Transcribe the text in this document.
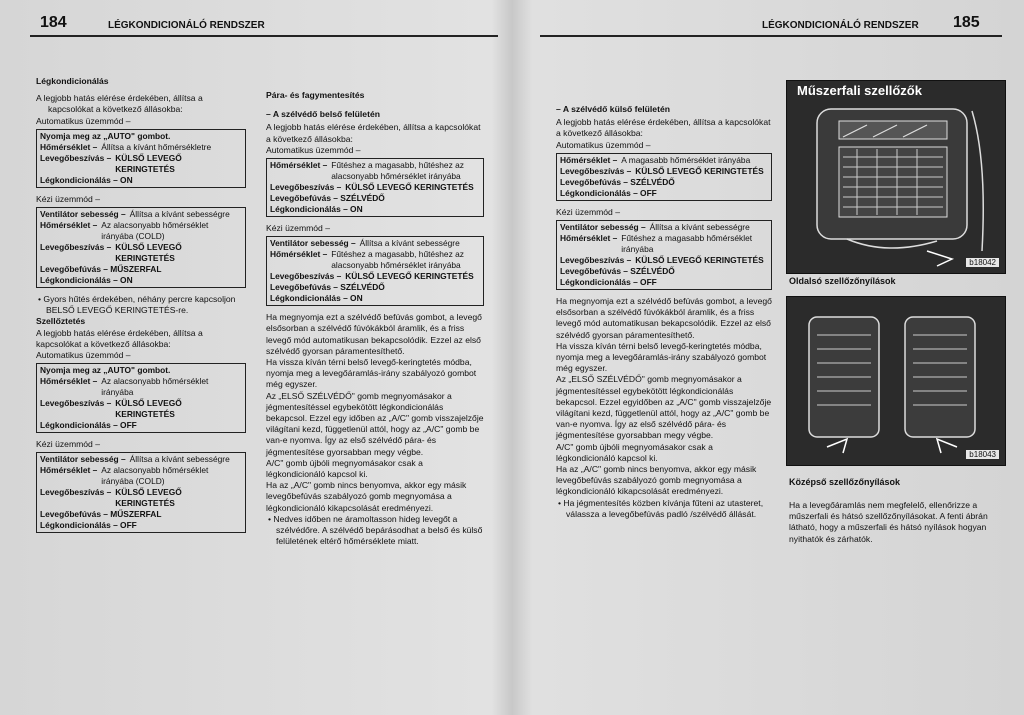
184	LÉGKONDICIONÁLÓ RENDSZER	LÉGKONDICIONÁLÓ RENDSZER 185

Légkondicionálás

A legjobb hatás elérése érdekében, állítsa a kapcsolókat a következő állásokba:

Automatikus üzemmód –

Nyomja meg az „AUTO" gombot.
Hőmérséklet – Állítsa a kívánt hőmérsékletre
Levegőbeszívás – KÜLSŐ LEVEGŐ KERINGTETÉS
Légkondicionálás – ON

Kézi üzemmód –

Ventilátor sebesség – Állítsa a kívánt sebességre
Hőmérséklet – Az alacsonyabb hőmérséklet irányába (COLD)
Levegőbeszívás – KÜLSŐ LEVEGŐ KERINGTETÉS
Levegőbefúvás – MŰSZERFAL
Légkondicionálás – ON

• Gyors hűtés érdekében, néhány percre kapcsoljon BELSŐ LEVEGŐ KERINGTETÉS-re.

Szellőztetés

A legjobb hatás elérése érdekében, állítsa a kapcsolókat a következő állásokba:

Automatikus üzemmód –

Nyomja meg az „AUTO" gombot.
Hőmérséklet – Az alacsonyabb hőmérséklet irányába
Levegőbeszívás – KÜLSŐ LEVEGŐ KERINGTETÉS
Légkondicionálás – OFF

Kézi üzemmód –

Ventilátor sebesség – Állítsa a kívánt sebességre
Hőmérséklet – Az alacsonyabb hőmérséklet irányába (COLD)
Levegőbeszívás – KÜLSŐ LEVEGŐ KERINGTETÉS
Levegőbefúvás – MŰSZERFAL
Légkondicionálás – OFF

Pára- és fagymentesítés

– A szélvédő belső felületén

A legjobb hatás elérése érdekében, állítsa a kapcsolókat a következő állásokba:

Automatikus üzemmód –

Hőmérséklet – Fűtéshez a magasabb, hűtéshez az alacsonyabb hőmérséklet irányába
Levegőbeszívás – KÜLSŐ LEVEGŐ KERINGTETÉS
Levegőbefúvás – SZÉLVÉDŐ
Légkondicionálás – ON

Kézi üzemmód –

Ventilátor sebesség – Állítsa a kívánt sebességre
Hőmérséklet – Fűtéshez a magasabb, hűtéshez az alacsonyabb hőmérséklet irányába
Levegőbeszívás – KÜLSŐ LEVEGŐ KERINGTETÉS
Levegőbefúvás – SZÉLVÉDŐ
Légkondicionálás – ON

Ha megnyomja ezt a szélvédő befúvás gombot, a levegő elsősorban a szélvédő fúvókákból áramlik, és a friss levegő mód automatikusan bekapcsolódik. Ezzel az első szélvédő gyorsan páramentesíthető.

Ha vissza kíván térni belső levegő-keringtetés módba, nyomja meg a levegőáramlás-irány szabályozó gombot még egyszer.

Az „ELSŐ SZÉLVÉDŐ" gomb megnyomásakor a jégmentesítéssel egybekötött légkondicionálás bekapcsol. Ezzel egy időben az „A/C" gomb visszajelzője világítani kezd, függetlenül attól, hogy az „A/C" gomb be van-e nyomva. Így az első szélvédő pára- és jégmentesítése gyorsabban megy végbe.

A/C" gomb újbóli megnyomásakor csak a légkondicionáló kapcsol ki.

Ha az „A/C" gomb nincs benyomva, akkor egy másik levegőbefúvás szabályozó gomb megnyomása a légkondicionáló kikapcsolását eredményezi.

• Nedves időben ne áramoltasson hideg levegőt a szélvédőre. A szélvédő bepárásodhat a belső és külső felületének eltérő hőmérséklete miatt.

– A szélvédő külső felületén

A legjobb hatás elérése érdekében, állítsa a kapcsolókat a következő állásokba:

Automatikus üzemmód –

Hőmérséklet – A magasabb hőmérséklet irányába
Levegőbeszívás – KÜLSŐ LEVEGŐ KERINGTETÉS
Levegőbefúvás – SZÉLVÉDŐ
Légkondicionálás – OFF

Kézi üzemmód –

Ventilátor sebesség – Állítsa a kívánt sebességre
Hőmérséklet – Fűtéshez a magasabb hőmérséklet irányába
Levegőbeszívás – KÜLSŐ LEVEGŐ KERINGTETÉS
Levegőbefúvás – SZÉLVÉDŐ
Légkondicionálás – OFF

Ha megnyomja ezt a szélvédő befúvás gombot, a levegő elsősorban a szélvédő fúvókákból áramlik, és a friss levegő mód automatikusan bekapcsolódik. Ezzel az első szélvédő gyorsan páramentesíthető.

Ha vissza kíván térni belső levegő-keringtetés módba, nyomja meg a levegőáramlás-irány szabályozó gombot még egyszer.

Az „ELSŐ SZÉLVÉDŐ" gomb megnyomásakor a jégmentesítéssel egybekötött légkondicionálás bekapcsol. Ezzel egyidőben az „A/C" gomb visszajelzője világítani kezd, függetlenül attól, hogy az „A/C" gomb be van-e nyomva. Így az első szélvédő pára- és jégmentesítése gyorsabban megy végbe.

A/C" gomb újbóli megnyomásakor csak a légkondicionáló kapcsol ki.

Ha az „A/C" gomb nincs benyomva, akkor egy másik levegőbefúvás szabályozó gomb megnyomása a légkondicionáló kikapcsolását eredményezi.

• Ha jégmentesítés közben kívánja fűteni az utasteret, válassza a levegőbefúvás padló /szélvédő állását.

Műszerfali szellőzők
b18042
Oldalsó szellőzőnyílások
b18043
Középső szellőzőnyílások

Ha a levegőáramlás nem megfelelő, ellenőrizze a műszerfali és hátsó szellőzőnyílásokat. A fenti ábrán látható, hogy a műszerfali és hátsó nyílások hogyan nyithatók és zárhatók.
